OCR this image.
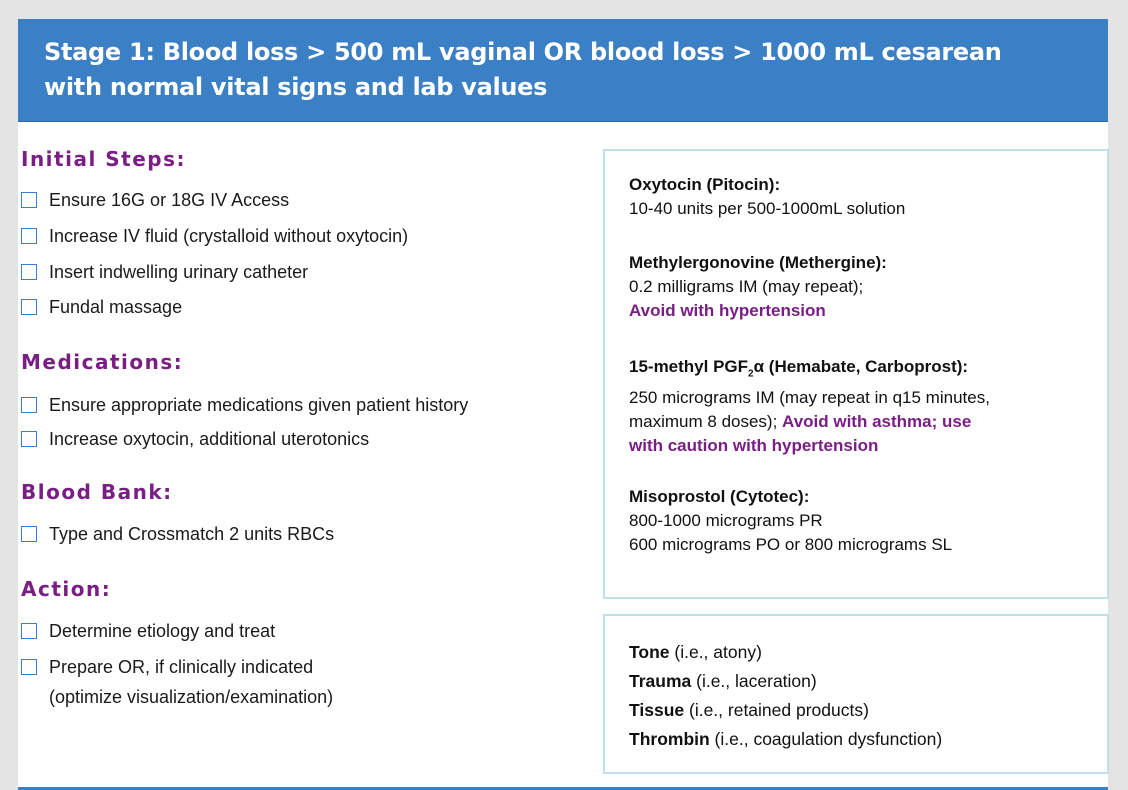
Stage 1: Blood loss > 500 mL vaginal OR blood loss > 1000 mL cesarean
with normal vital signs and lab values
Initial Steps:
Ensure 16G or 18G IV Access
Increase IV fluid (crystalloid without oxytocin)
Insert indwelling urinary catheter
Fundal massage
Medications:
Ensure appropriate medications given patient history
Increase oxytocin, additional uterotonics
Blood Bank:
Type and Crossmatch 2 units RBCs
Action:
Determine etiology and treat
Prepare OR, if clinically indicated
(optimize visualization/examination)
Oxytocin (Pitocin):
10-40 units per 500-1000mL solution
Methylergonovine (Methergine):
0.2 milligrams IM (may repeat);
Avoid with hypertension
15-methyl $PGF_2\alpha$ (Hemabate, Carboprost):
250 micrograms IM (may repeat in q15 minutes,
maximum 8 doses); Avoid with asthma; use
with caution with hypertension
Misoprostol (Cytotec):
800-1000 micrograms PR
600 micrograms PO or 800 micrograms SL
Tone (i.e., atony)
Trauma (i.e., laceration)
Tissue (i.e., retained products)
Thrombin (i.e., coagulation dysfunction)
